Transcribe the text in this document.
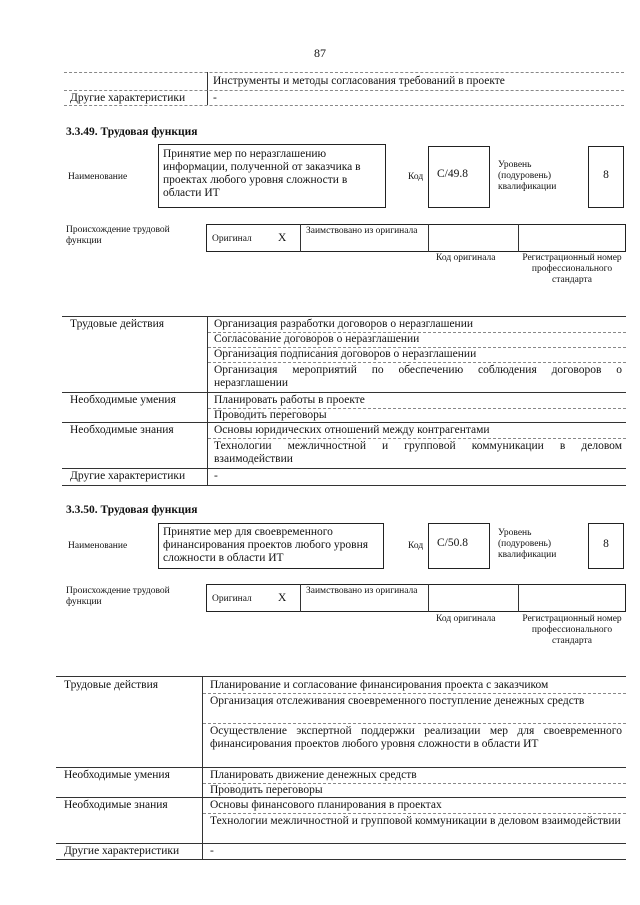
87
Инструменты и методы согласования требований в проекте
Другие характеристики -
3.3.49. Трудовая функция
Наименование
Принятие мер по неразглашению информации, полученной от заказчика в проектах любого уровня сложности в области ИТ
Код	C/49.8
Уровень (подуровень) квалификации
8
Происхождение трудовой функции	Оригинал X
Заимствовано из оригинала
Код оригинала	Регистрационный номер профессионального стандарта
Трудовые действия	Организация разработки договоров о неразглашении
Согласование договоров о неразглашении
Организация подписания договоров о неразглашении
Организация мероприятий по обеспечению соблюдения договоров о неразглашении
Необходимые умения	Планировать работы в проекте
Проводить переговоры
Необходимые знания	Основы юридических отношений между контрагентами
Технологии межличностной и групповой коммуникации в деловом взаимодействии
Другие характеристики	-
3.3.50. Трудовая функция
Наименование
Принятие мер для своевременного финансирования проектов любого уровня сложности в области ИТ
Код	C/50.8
Уровень (подуровень) квалификации
8
Происхождение трудовой функции	Оригинал X
Заимствовано из оригинала
Код оригинала	Регистрационный номер профессионального стандарта
Трудовые действия	Планирование и согласование финансирования проекта с заказчиком
Организация отслеживания своевременного поступление денежных средств
Осуществление экспертной поддержки реализации мер для своевременного финансирования проектов любого уровня сложности в области ИТ
Необходимые умения	Планировать движение денежных средств
Проводить переговоры
Необходимые знания	Основы финансового планирования в проектах
Технологии межличностной и групповой коммуникации в деловом взаимодействии
Другие характеристики	-
